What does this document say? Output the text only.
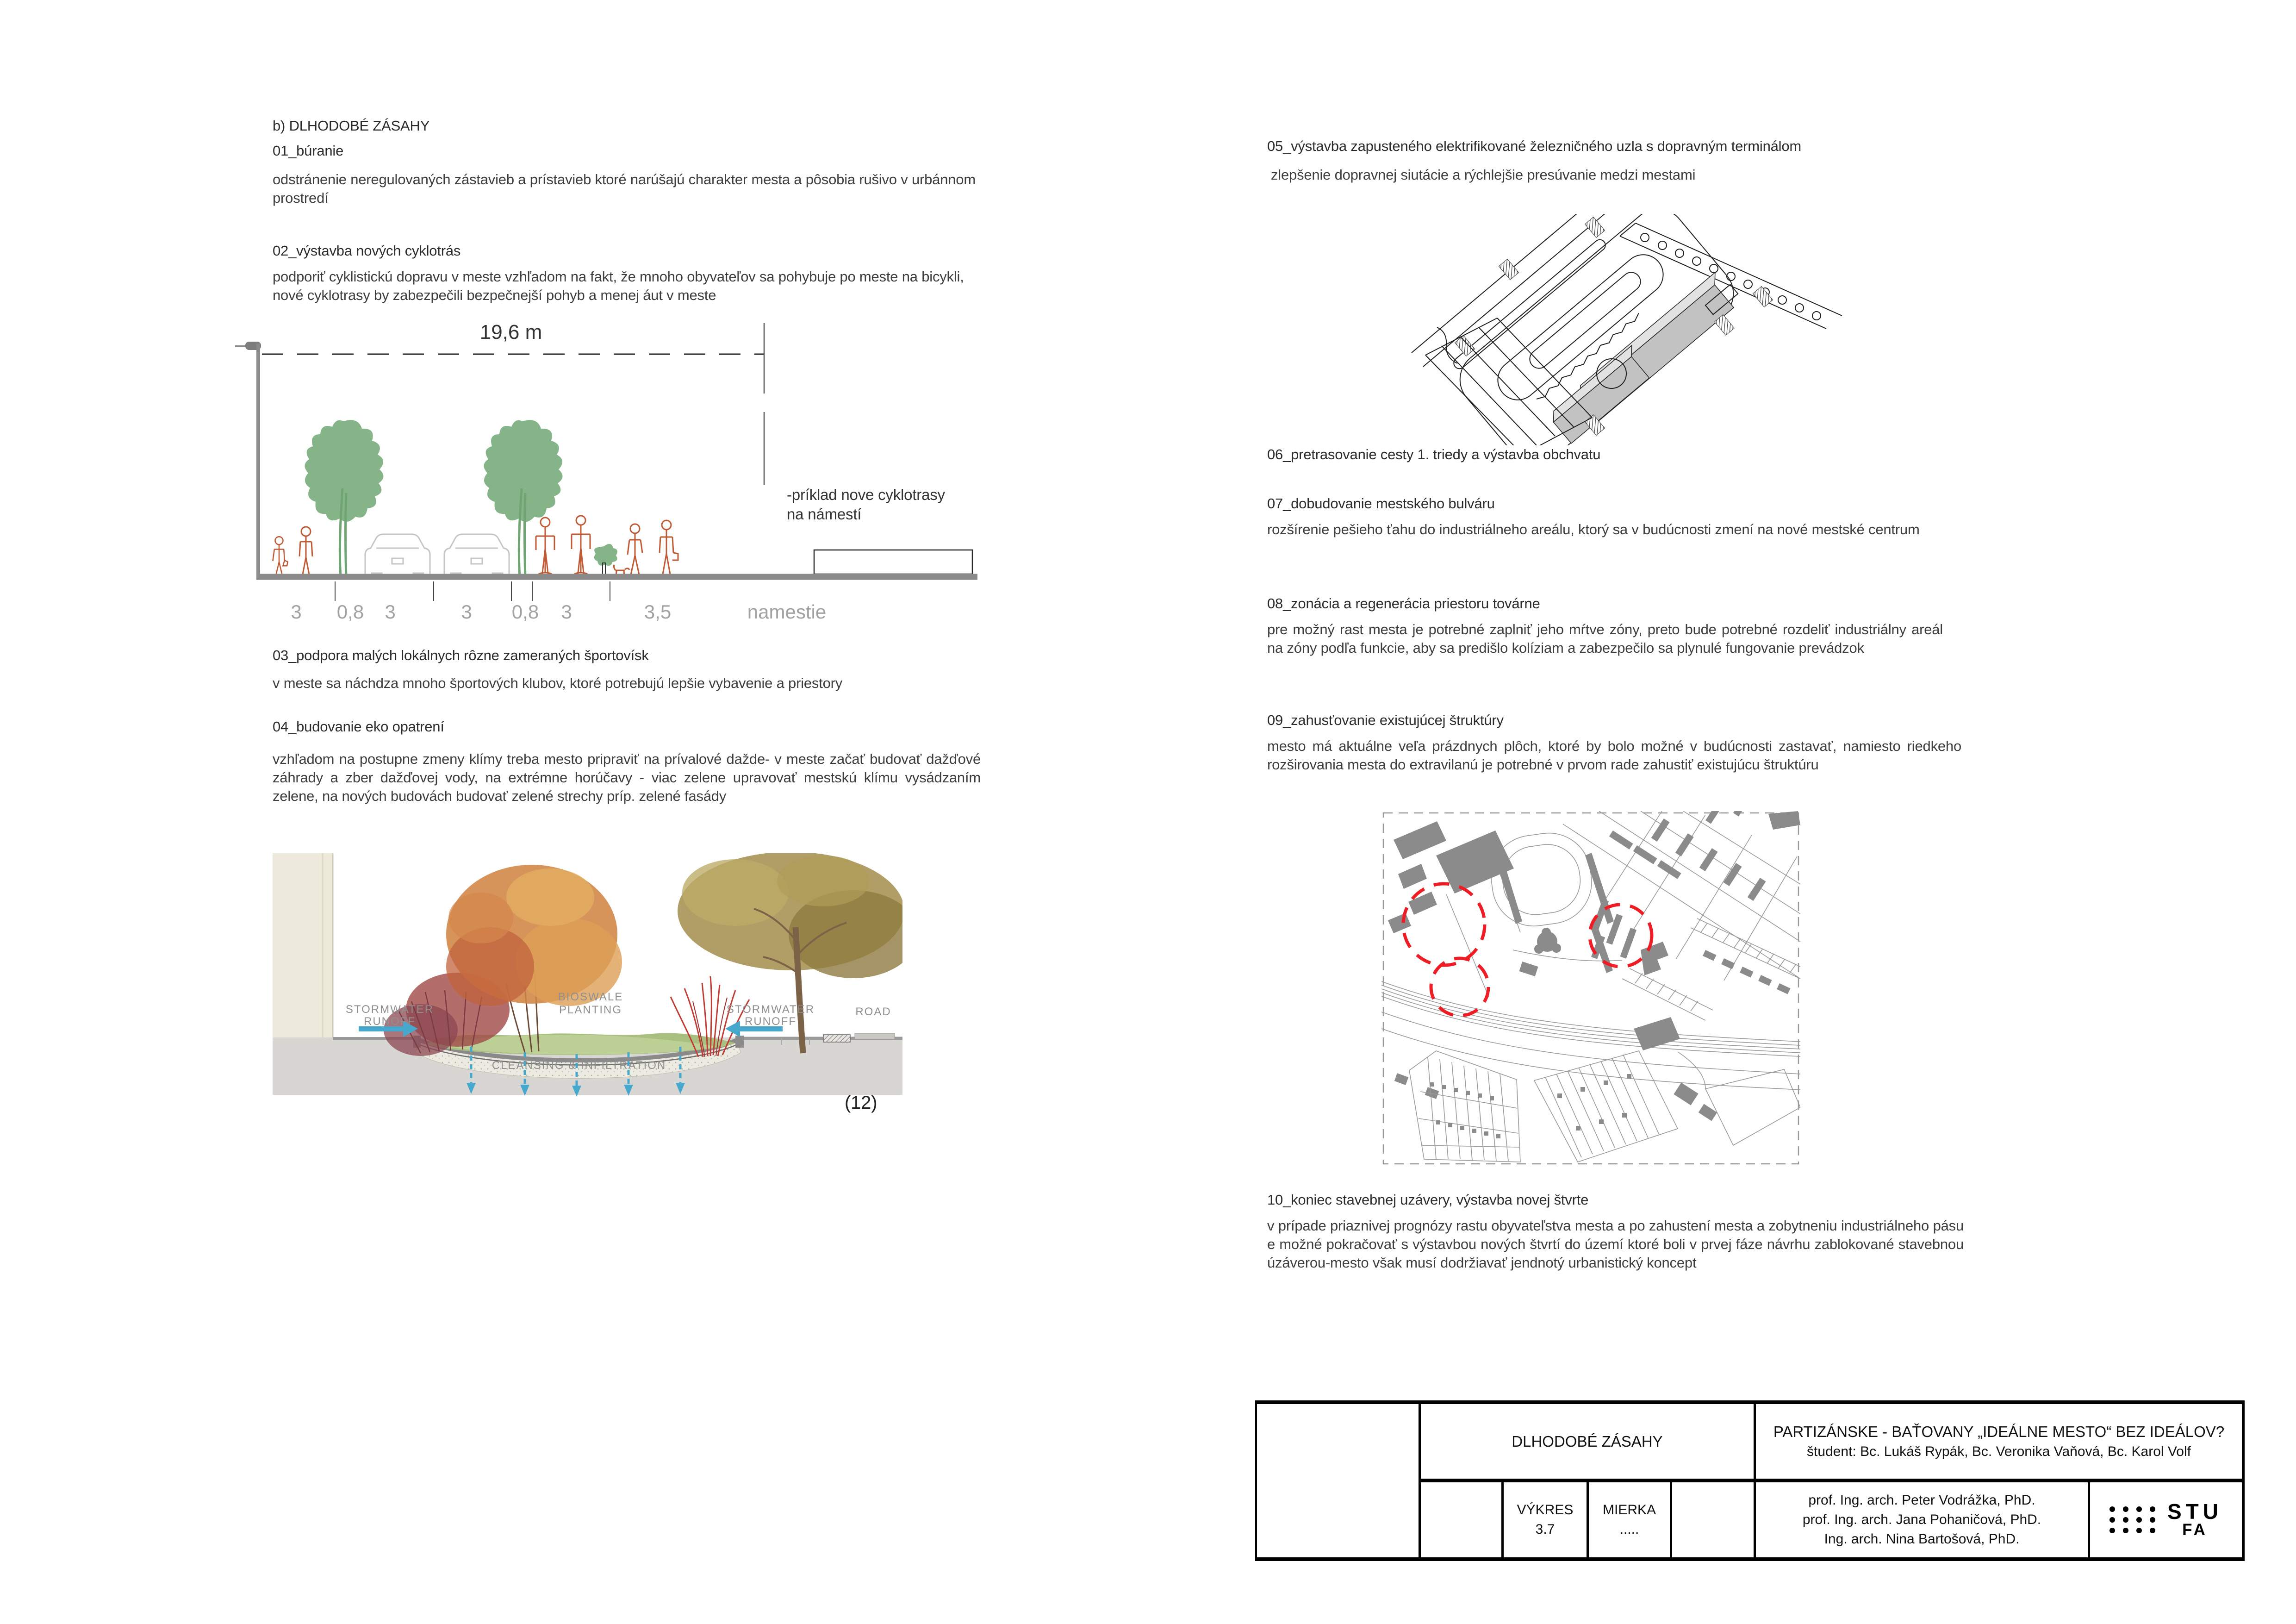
b) DLHODOBÉ ZÁSAHY
01_búranie
odstránenie neregulovaných zástavieb a prístavieb ktoré narúšajú charakter mesta a pôsobia rušivo v urbánnom prostredí
02_výstavba nových cyklotrás
podporiť cyklistickú dopravu v meste vzhľadom na fakt, že mnoho obyvateľov sa pohybuje po meste na bicykli, nové cyklotrasy by zabezpečili bezpečnejší pohyb a menej áut v meste
19,6 m
3 0,8 3	3 0,8 3	3,5	namestie
-príklad nove cyklotrasy na námestí
03_podpora malých lokálnych rôzne zameraných športovísk
v meste sa náchdza mnoho športových klubov, ktoré potrebujú lepšie vybavenie a priestory
04_budovanie eko opatrení
vzhľadom na postupne zmeny klímy treba mesto pripraviť na prívalové dažde- v meste začať budovať dažďové záhrady a zber dažďovej vody, na extrémne horúčavy - viac zelene upravovať mestskú klímu vysádzaním zelene, na nových budovách budovať zelené strechy príp. zelené fasády
STORMWATER
RUNOFF
BIOSWALE
PLANTING	STORMWATER
RUNOFF
ROAD
CLEANSING & INFILTRATION
(12)
05_výstavba zapusteného elektrifikované železničného uzla s dopravným terminálom
zlepšenie dopravnej siutácie a rýchlejšie presúvanie medzi mestami
06_pretrasovanie cesty 1. triedy a výstavba obchvatu
07_dobudovanie mestského bulváru
rozšírenie pešieho ťahu do industriálneho areálu, ktorý sa v budúcnosti zmení na nové mestské centrum
08_zonácia a regenerácia priestoru továrne
pre možný rast mesta je potrebné zaplniť jeho mŕtve zóny, preto bude potrebné rozdeliť industriálny areál na zóny podľa funkcie, aby sa predišlo kolíziam a zabezpečilo sa plynulé fungovanie prevádzok
09_zahusťovanie existujúcej štruktúry
mesto má aktuálne veľa prázdnych plôch, ktoré by bolo možné v budúcnosti zastavať, namiesto riedkeho rozširovania mesta do extravilanú je potrebné v prvom rade zahustiť existujúcu štruktúru
10_koniec stavebnej uzávery, výstavba novej štvrte
v prípade priaznivej prognózy rastu obyvateľstva mesta a po zahustení mesta a zobytneniu industriálneho pásu e možné pokračovať s výstavbou nových štvrtí do území ktoré boli v prvej fáze návrhu zablokované stavebnou úzáverou-mesto však musí dodržiavať jendnotý urbanistický koncept
DLHODOBÉ ZÁSAHY
PARTIZÁNSKE - BAŤOVANY „IDEÁLNE MESTO“ BEZ IDEÁLOV?
študent: Bc. Lukáš Rypák, Bc. Veronika Vaňová, Bc. Karol Volf
VÝKRES
3.7
MIERKA
.....
prof. Ing. arch. Peter Vodrážka, PhD.
prof. Ing. arch. Jana Pohaničová, PhD.
Ing. arch. Nina Bartošová, PhD.
STU
FA
